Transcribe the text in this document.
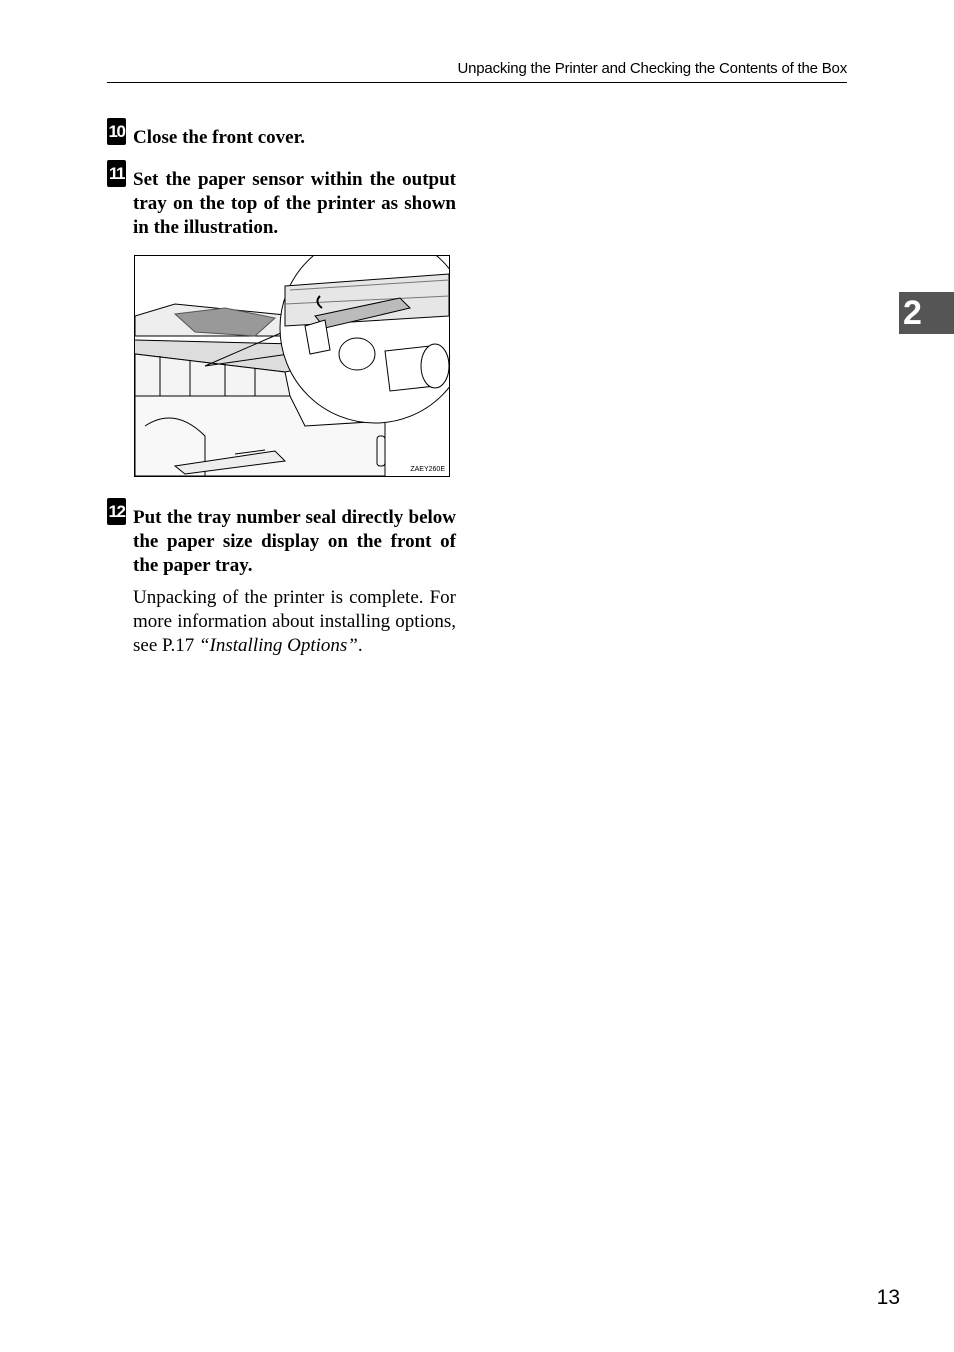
Unpacking the Printer and Checking the Contents of the Box
10 Close the front cover.
11 Set the paper sensor within the output tray on the top of the printer as shown in the illustration.
ZAEY260E
12 Put the tray number seal directly below the paper size display on the front of the paper tray.
Unpacking of the printer is complete. For more information about installing options, see P.17 “Installing Options”.
2
13
